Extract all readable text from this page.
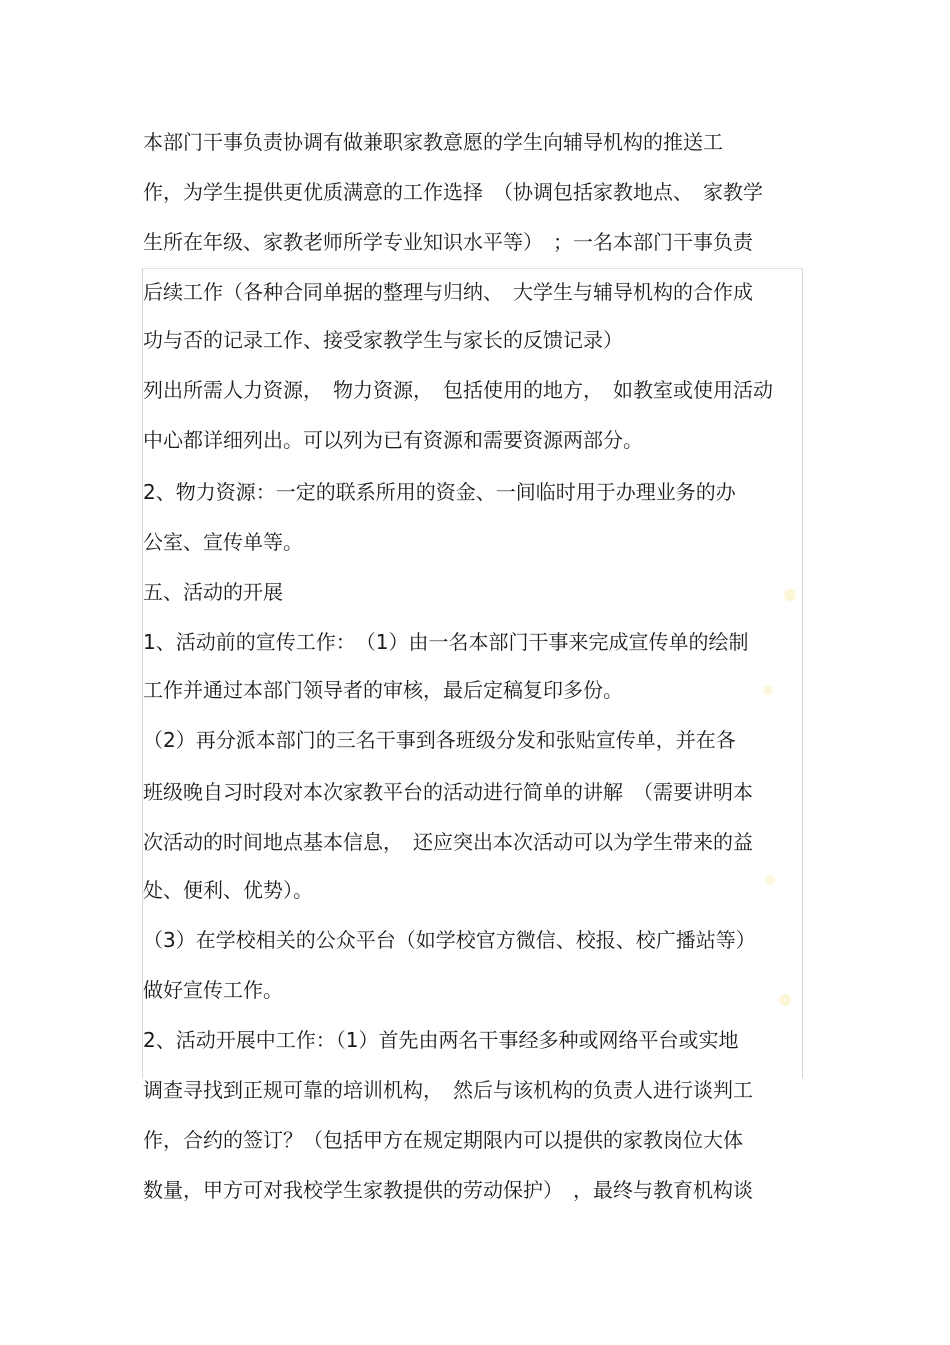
本部门干事负责协调有做兼职家教意愿的学生向辅导机构的推送工
作，为学生提供更优质满意的工作选择　（协调包括家教地点、　家教学
生所在年级、家教老师所学专业知识水平等）　；一名本部门干事负责
后续工作（各种合同单据的整理与归纳、　大学生与辅导机构的合作成
功与否的记录工作、接受家教学生与家长的反馈记录）
列出所需人力资源，　物力资源，　包括使用的地方，　如教室或使用活动
中心都详细列出。可以列为已有资源和需要资源两部分。
2、物力资源：一定的联系所用的资金、一间临时用于办理业务的办
公室、宣传单等。
五、活动的开展
1、活动前的宣传工作：　（1）由一名本部门干事来完成宣传单的绘制
工作并通过本部门领导者的审核，最后定稿复印多份。
（2）再分派本部门的三名干事到各班级分发和张贴宣传单，并在各
班级晚自习时段对本次家教平台的活动进行简单的讲解　（需要讲明本
次活动的时间地点基本信息，　还应突出本次活动可以为学生带来的益
处、便利、优势）。
（3）在学校相关的公众平台（如学校官方微信、校报、校广播站等）
做好宣传工作。
2、活动开展中工作：（1）首先由两名干事经多种或网络平台或实地
调查寻找到正规可靠的培训机构，　然后与该机构的负责人进行谈判工
作，合约的签订？（包括甲方在规定期限内可以提供的家教岗位大体
数量，甲方可对我校学生家教提供的劳动保护）　，最终与教育机构谈
